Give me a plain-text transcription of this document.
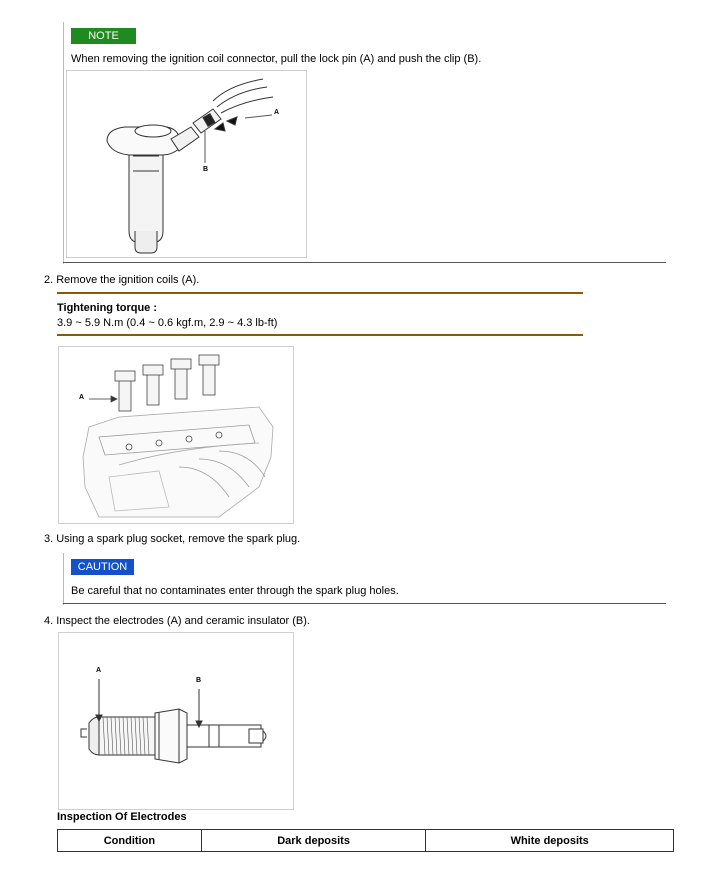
NOTE
When removing the ignition coil connector, pull the lock pin (A) and push the clip (B).
A
B
2. Remove the ignition coils (A).
Tightening torque :
3.9 ~ 5.9 N.m (0.4 ~ 0.6 kgf.m, 2.9 ~ 4.3 lb-ft)
A
3. Using a spark plug socket, remove the spark plug.
CAUTION
Be careful that no contaminates enter through the spark plug holes.
4. Inspect the electrodes (A) and ceramic insulator (B).
A
B
Inspection Of Electrodes
Condition	Dark deposits	White deposits
